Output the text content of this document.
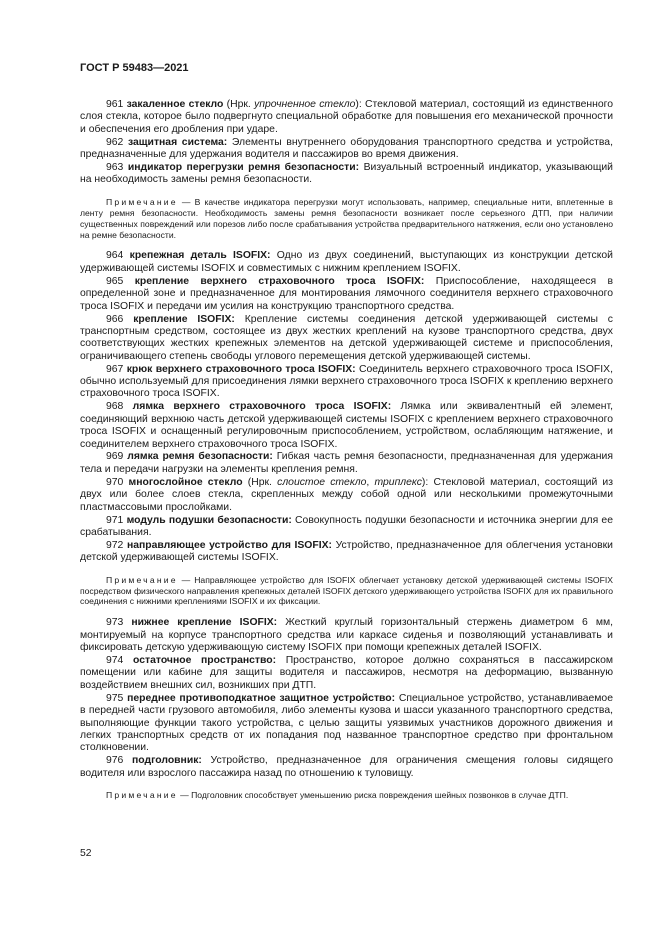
ГОСТ Р 59483—2021

961 закаленное стекло (Нрк. упрочненное стекло): Стекловой материал, состоящий из единственного слоя стекла, которое было подвергнуто специальной обработке для повышения его механической прочности и обеспечения его дробления при ударе.

962 защитная система: Элементы внутреннего оборудования транспортного средства и устройства, предназначенные для удержания водителя и пассажиров во время движения.

963 индикатор перегрузки ремня безопасности: Визуальный встроенный индикатор, указывающий на необходимость замены ремня безопасности.

Примечание — В качестве индикатора перегрузки могут использовать, например, специальные нити, вплетенные в ленту ремня безопасности. Необходимость замены ремня безопасности возникает после серьезного ДТП, при наличии существенных повреждений или порезов либо после срабатывания устройства предварительного натяжения, если оно установлено на ремне безопасности.

964 крепежная деталь ISOFIX: Одно из двух соединений, выступающих из конструкции детской удерживающей системы ISOFIX и совместимых с нижним креплением ISOFIX.

965 крепление верхнего страховочного троса ISOFIX: Приспособление, находящееся в определенной зоне и предназначенное для монтирования лямочного соединителя верхнего страховочного троса ISOFIX и передачи им усилия на конструкцию транспортного средства.

966 крепление ISOFIX: Крепление системы соединения детской удерживающей системы с транспортным средством, состоящее из двух жестких креплений на кузове транспортного средства, двух соответствующих жестких крепежных элементов на детской удерживающей системе и приспособления, ограничивающего степень свободы углового перемещения детской удерживающей системы.

967 крюк верхнего страховочного троса ISOFIX: Соединитель верхнего страховочного троса ISOFIX, обычно используемый для присоединения лямки верхнего страховочного троса ISOFIX к креплению верхнего страховочного троса ISOFIX.

968 лямка верхнего страховочного троса ISOFIX: Лямка или эквивалентный ей элемент, соединяющий верхнюю часть детской удерживающей системы ISOFIX с креплением верхнего страховочного троса ISOFIX и оснащенный регулировочным приспособлением, устройством, ослабляющим натяжение, и соединителем верхнего страховочного троса ISOFIX.

969 лямка ремня безопасности: Гибкая часть ремня безопасности, предназначенная для удержания тела и передачи нагрузки на элементы крепления ремня.

970 многослойное стекло (Нрк. слоистое стекло, триплекс): Стекловой материал, состоящий из двух или более слоев стекла, скрепленных между собой одной или несколькими промежуточными пластмассовыми прослойками.

971 модуль подушки безопасности: Совокупность подушки безопасности и источника энергии для ее срабатывания.

972 направляющее устройство для ISOFIX: Устройство, предназначенное для облегчения установки детской удерживающей системы ISOFIX.

Примечание — Направляющее устройство для ISOFIX облегчает установку детской удерживающей системы ISOFIX посредством физического направления крепежных деталей ISOFIX детского удерживающего устройства ISOFIX для их правильного соединения с нижними креплениями ISOFIX и их фиксации.

973 нижнее крепление ISOFIX: Жесткий круглый горизонтальный стержень диаметром 6 мм, монтируемый на корпусе транспортного средства или каркасе сиденья и позволяющий устанавливать и фиксировать детскую удерживающую систему ISOFIX при помощи крепежных деталей ISOFIX.

974 остаточное пространство: Пространство, которое должно сохраняться в пассажирском помещении или кабине для защиты водителя и пассажиров, несмотря на деформацию, вызванную воздействием внешних сил, возникших при ДТП.

975 переднее противоподкатное защитное устройство: Специальное устройство, устанавливаемое в передней части грузового автомобиля, либо элементы кузова и шасси указанного транспортного средства, выполняющие функции такого устройства, с целью защиты уязвимых участников дорожного движения и легких транспортных средств от их попадания под названное транспортное средство при фронтальном столкновении.

976 подголовник: Устройство, предназначенное для ограничения смещения головы сидящего водителя или взрослого пассажира назад по отношению к туловищу.

Примечание — Подголовник способствует уменьшению риска повреждения шейных позвонков в случае ДТП.

52
